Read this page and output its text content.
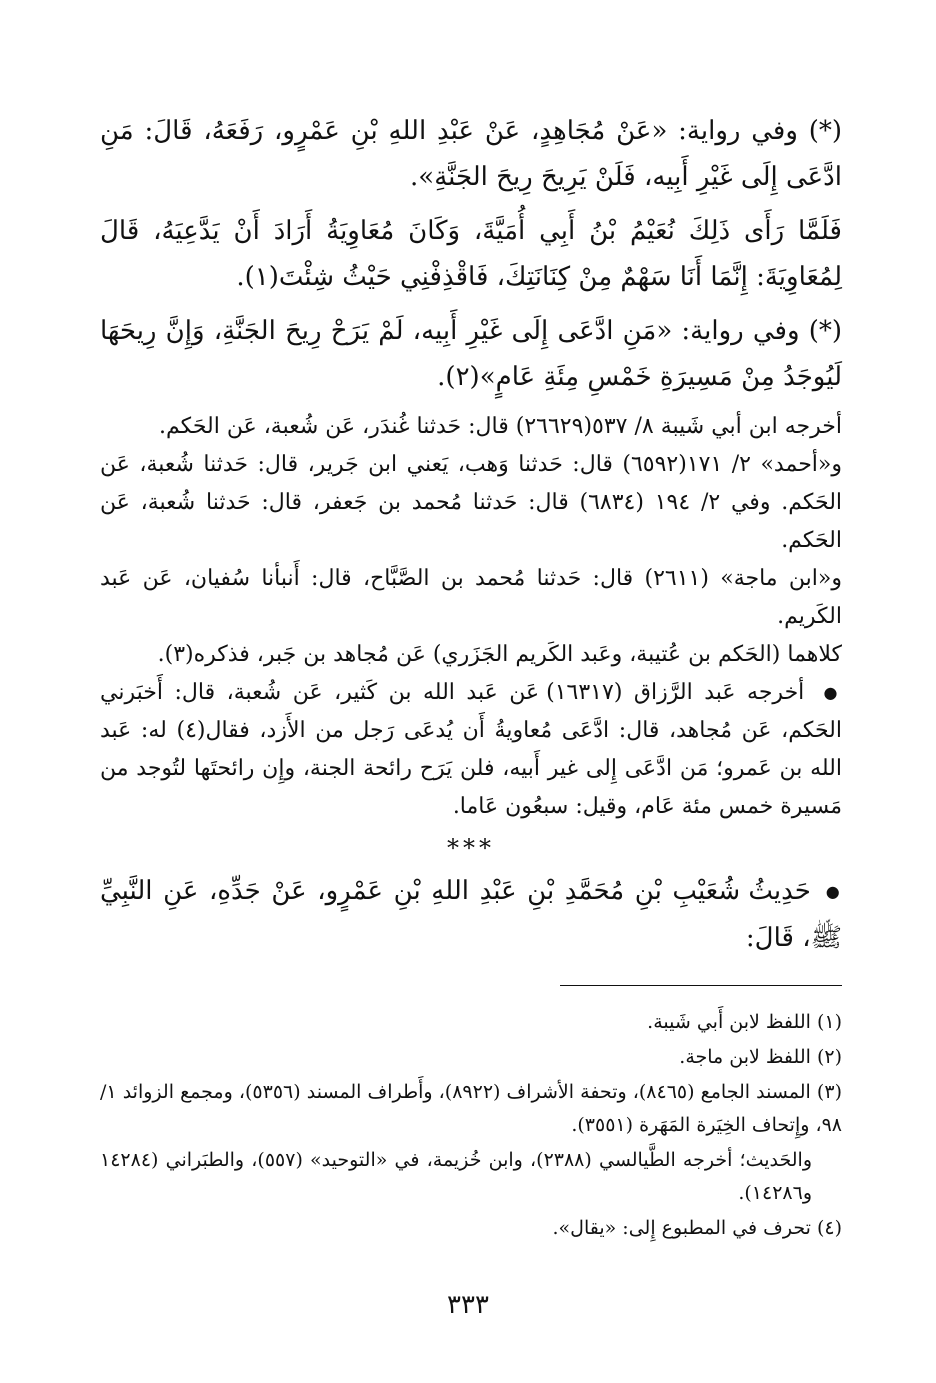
(*) وفي رواية: «عَنْ مُجَاهِدٍ، عَنْ عَبْدِ اللهِ بْنِ عَمْرٍو، رَفَعَهُ، قَالَ: مَنِ ادَّعَى إِلَى غَيْرِ أَبِيه، فَلَنْ يَرِيحَ رِيحَ الجَنَّةِ».

فَلَمَّا رَأَى ذَلِكَ نُعَيْمُ بْنُ أَبِي أُمَيَّةَ، وَكَانَ مُعَاوِيَةُ أَرَادَ أَنْ يَدَّعِيَهُ، قَالَ لِمُعَاوِيَةَ: إِنَّمَا أَنَا سَهْمٌ مِنْ كِنَانَتِكَ، فَاقْذِفْنِي حَيْثُ شِئْتَ(١).

(*) وفي رواية: «مَنِ ادَّعَى إِلَى غَيْرِ أَبِيه، لَمْ يَرَحْ رِيحَ الجَنَّةِ، وَإِنَّ رِيحَهَا لَيُوجَدُ مِنْ مَسِيرَةِ خَمْسِ مِئَةِ عَامٍ»(٢).

أخرجه ابن أبي شَيبة ٨/ ٥٣٧(٢٦٦٢٩) قال: حَدثنا غُندَر، عَن شُعبة، عَن الحَكم.

و«أحمد» ٢/ ١٧١(٦٥٩٢) قال: حَدثنا وَهب، يَعني ابن جَرير، قال: حَدثنا شُعبة، عَن الحَكم. وفي ٢/ ١٩٤ (٦٨٣٤) قال: حَدثنا مُحمد بن جَعفر، قال: حَدثنا شُعبة، عَن الحَكم.

و«ابن ماجة» (٢٦١١) قال: حَدثنا مُحمد بن الصَّبَّاح، قال: أَنبأنا سُفيان، عَن عَبد الكَريم.

كلاهما (الحَكم بن عُتيبة، وعَبد الكَريم الجَزَري) عَن مُجاهد بن جَبر، فذكره(٣).

●  أخرجه عَبد الرَّزاق (١٦٣١٧) عَن عَبد الله بن كَثير، عَن شُعبة، قال: أَخبَرني الحَكم، عَن مُجاهد، قال: ادَّعَى مُعاويةُ أَن يُدعَى رَجل من الأَزد، فقال(٤) له: عَبد الله بن عَمرو؛ مَن ادَّعَى إِلى غير أَبيه، فلن يَرَح رائحة الجنة، وإِن رائحتَها لتُوجد من مَسيرة خمس مئة عَام، وقيل: سبعُون عَاما.

***

●  حَدِيثُ شُعَيْبِ بْنِ مُحَمَّدِ بْنِ عَبْدِ اللهِ بْنِ عَمْرٍو، عَنْ جَدِّهِ، عَنِ النَّبِيِّ ﷺ، قَالَ:

(١) اللفظ لابن أَبي شَيبة.

(٢) اللفظ لابن ماجة.

(٣) المسند الجامع (٨٤٦٥)، وتحفة الأشراف (٨٩٢٢)، وأَطراف المسند (٥٣٥٦)، ومجمع الزوائد ١/ ٩٨، وإِتحاف الخِيَرة المَهَرة (٣٥٥١).

والحَديث؛ أخرجه الطَّيالسي (٢٣٨٨)، وابن خُزيمة، في «التوحيد» (٥٥٧)، والطبَراني (١٤٢٨٤ و١٤٢٨٦).

(٤) تحرف في المطبوع إِلى: «يقال».

٣٣٣
